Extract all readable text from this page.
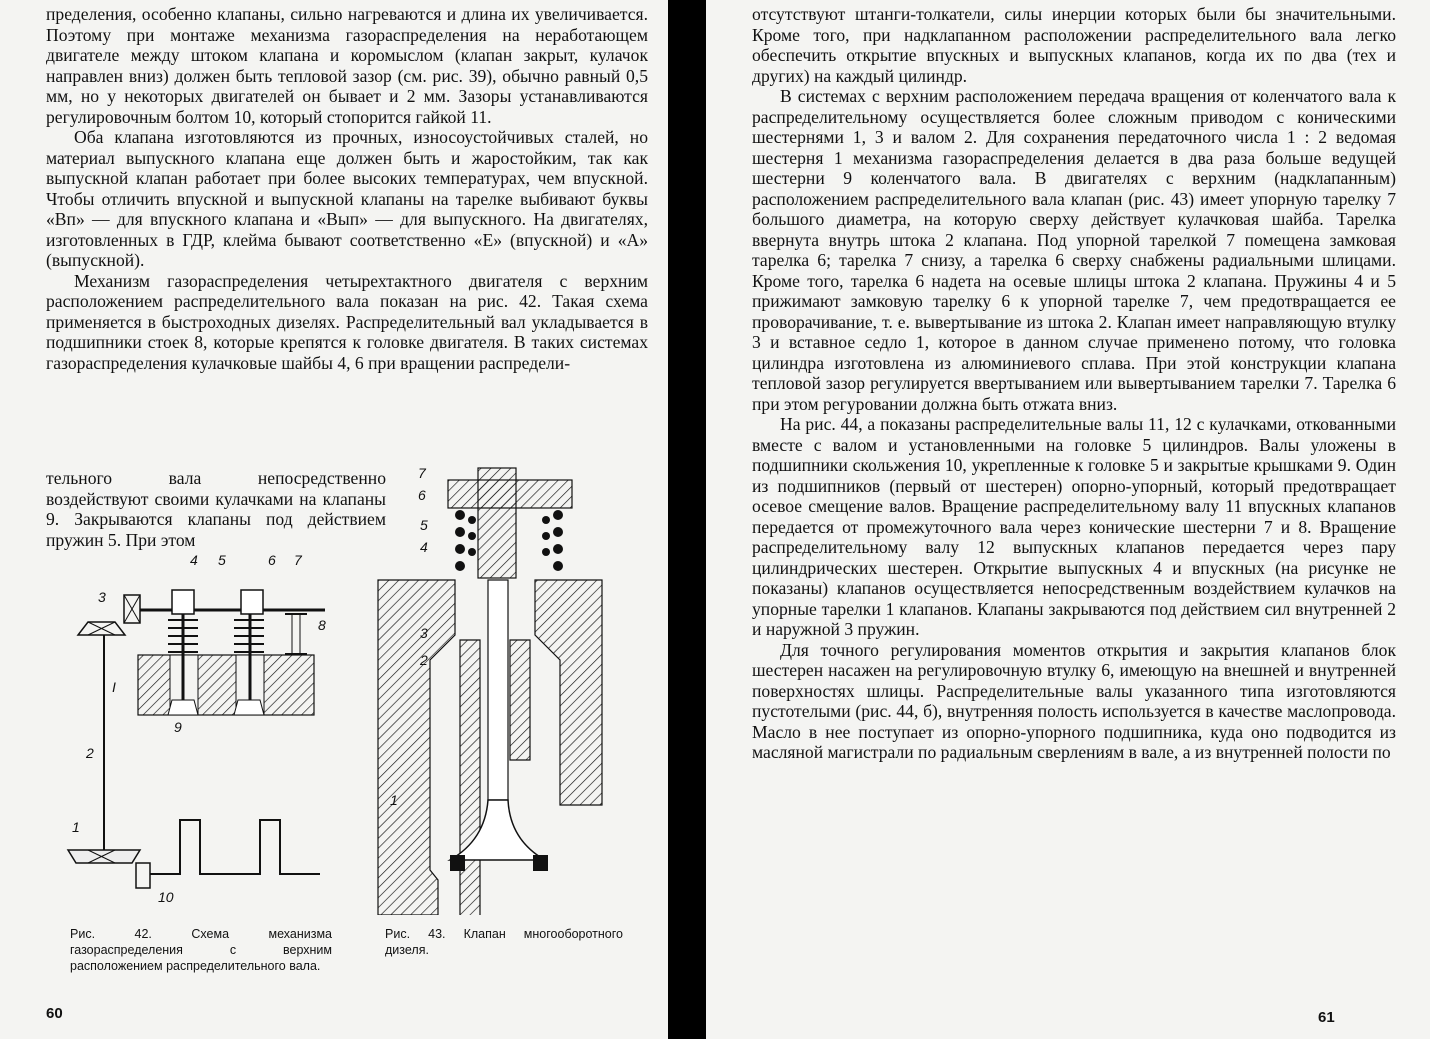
пределения, особенно клапаны, сильно нагреваются и длина их увеличивается. Поэтому при монтаже механизма газораспределения на неработающем двигателе между штоком клапана и коромыслом (клапан закрыт, кулачок направлен вниз) должен быть тепловой зазор (см. рис. 39), обычно равный 0,5 мм, но у некоторых двигателей он бывает и 2 мм. Зазоры устанавливаются регулировочным болтом 10, который стопорится гайкой 11.

Оба клапана изготовляются из прочных, износоустойчивых сталей, но материал выпускного клапана еще должен быть и жаростойким, так как выпускной клапан работает при более высоких температурах, чем впускной. Чтобы отличить впускной и выпускной клапаны на тарелке выбивают буквы «Вп» — для впускного клапана и «Вып» — для выпускного. На двигателях, изготовленных в ГДР, клейма бывают соответственно «Е» (впускной) и «А» (выпускной).

Механизм газораспределения четырехтактного двигателя с верхним расположением распределительного вала показан на рис. 42. Такая схема применяется в быстроходных дизелях. Распределительный вал укладывается в подшипники стоек 8, которые крепятся к головке двигателя. В таких системах газораспределения кулачковые шайбы 4, 6 при вращении распредели-

тельного вала непосредственно воздействуют своими кулачками на клапаны 9. Закрываются клапаны под действием пружин 5. При этом
3
4 5	6 7
8
9
1
2
10
I
7
6
5
4
3
2
1
Рис. 42. Схема механизма газораспределения с верхним расположением распределительного вала.
Рис. 43. Клапан многооборотного дизеля.
60

отсутствуют штанги-толкатели, силы инерции которых были бы значительными. Кроме того, при надклапанном расположении распределительного вала легко обеспечить открытие впускных и выпускных клапанов, когда их по два (тех и других) на каждый цилиндр.

В системах с верхним расположением передача вращения от коленчатого вала к распределительному осуществляется более сложным приводом с коническими шестернями 1, 3 и валом 2. Для сохранения передаточного числа 1 : 2 ведомая шестерня 1 механизма газораспределения делается в два раза больше ведущей шестерни 9 коленчатого вала. В двигателях с верхним (надклапанным) расположением распределительного вала клапан (рис. 43) имеет упорную тарелку 7 большого диаметра, на которую сверху действует кулачковая шайба. Тарелка ввернута внутрь штока 2 клапана. Под упорной тарелкой 7 помещена замковая тарелка 6; тарелка 7 снизу, а тарелка 6 сверху снабжены радиальными шлицами. Кроме того, тарелка 6 надета на осевые шлицы штока 2 клапана. Пружины 4 и 5 прижимают замковую тарелку 6 к упорной тарелке 7, чем предотвращается ее проворачивание, т. е. вывертывание из штока 2. Клапан имеет направляющую втулку 3 и вставное седло 1, которое в данном случае применено потому, что головка цилиндра изготовлена из алюминиевого сплава. При этой конструкции клапана тепловой зазор регулируется ввертыванием или вывертыванием тарелки 7. Тарелка 6 при этом регуровании должна быть отжата вниз.

На рис. 44, а показаны распределительные валы 11, 12 с кулачками, откованными вместе с валом и установленными на головке 5 цилиндров. Валы уложены в подшипники скольжения 10, укрепленные к головке 5 и закрытые крышками 9. Один из подшипников (первый от шестерен) опорно-упорный, который предотвращает осевое смещение валов. Вращение распределительному валу 11 впускных клапанов передается от промежуточного вала через конические шестерни 7 и 8. Вращение распределительному валу 12 выпускных клапанов передается через пару цилиндрических шестерен. Открытие выпускных 4 и впускных (на рисунке не показаны) клапанов осуществляется непосредственным воздействием кулачков на упорные тарелки 1 клапанов. Клапаны закрываются под действием сил внутренней 2 и наружной 3 пружин.

Для точного регулирования моментов открытия и закрытия клапанов блок шестерен насажен на регулировочную втулку 6, имеющую на внешней и внутренней поверхностях шлицы. Распределительные валы указанного типа изготовляются пустотелыми (рис. 44, б), внутренняя полость используется в качестве маслопровода. Масло в нее поступает из опорно-упорного подшипника, куда оно подводится из масляной магистрали по радиальным сверлениям в вале, а из внутренней полости по

61
